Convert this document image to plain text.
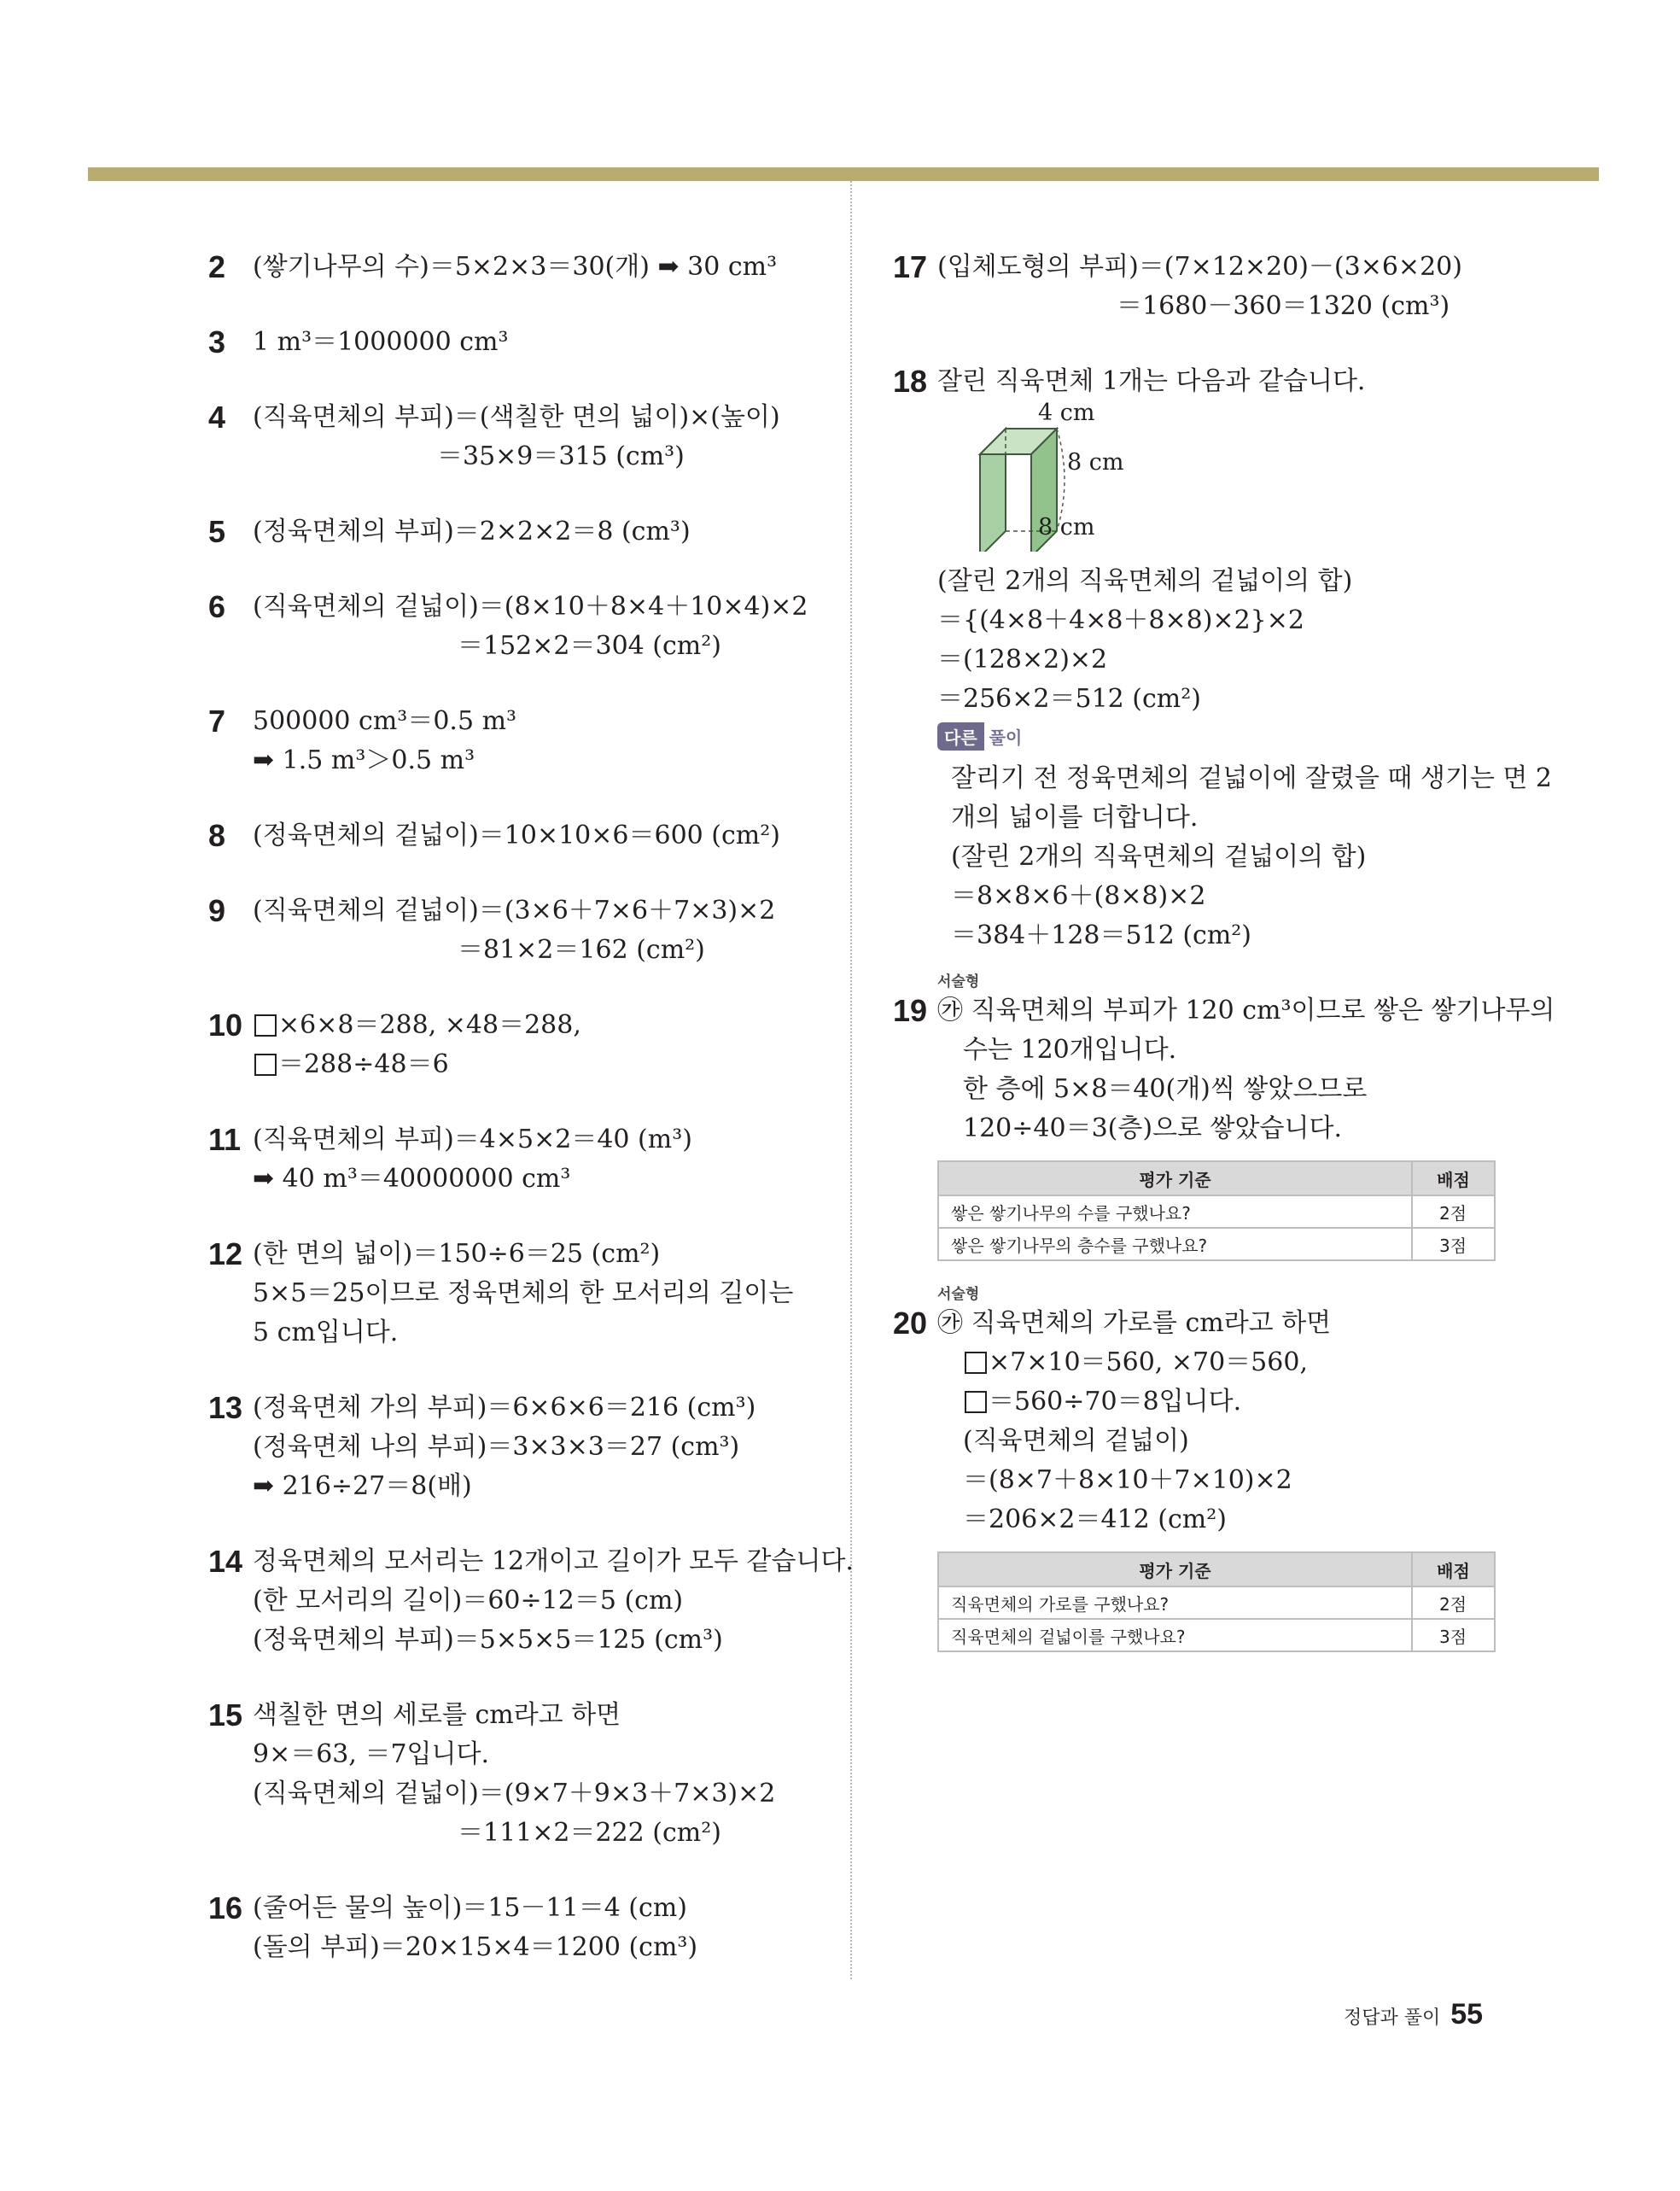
2 (쌓기나무의 수)＝5×2×3＝30(개) ➡ 30 cm³
3 1 m³＝1000000 cm³
4 (직육면체의 부피)＝(색칠한 면의 넓이)×(높이)
＝35×9＝315 (cm³)
5 (정육면체의 부피)＝2×2×2＝8 (cm³)
6 (직육면체의 겉넓이)＝(8×10＋8×4＋10×4)×2
＝152×2＝304 (cm²)
7 500000 cm³＝0.5 m³
➡ 1.5 m³＞0.5 m³
8 (정육면체의 겉넓이)＝10×10×6＝600 (cm²)
9 (직육면체의 겉넓이)＝(3×6＋7×6＋7×3)×2
＝81×2＝162 (cm²)
10	×6×8＝288, ×48＝288,
＝288÷48＝6
11 (직육면체의 부피)＝4×5×2＝40 (m³)
➡ 40 m³＝40000000 cm³
12 (한 면의 넓이)＝150÷6＝25 (cm²)
5×5＝25이므로 정육면체의 한 모서리의 길이는
5 cm입니다.
13 (정육면체 가의 부피)＝6×6×6＝216 (cm³)
(정육면체 나의 부피)＝3×3×3＝27 (cm³)
➡ 216÷27＝8(배)
14 정육면체의 모서리는 12개이고 길이가 모두 같습니다.
(한 모서리의 길이)＝60÷12＝5 (cm)
(정육면체의 부피)＝5×5×5＝125 (cm³)
15 색칠한 면의 세로를 cm라고 하면
9×＝63, ＝7입니다.
(직육면체의 겉넓이)＝(9×7＋9×3＋7×3)×2
＝111×2＝222 (cm²)
16 (줄어든 물의 높이)＝15－11＝4 (cm)
(돌의 부피)＝20×15×4＝1200 (cm³)
17 (입체도형의 부피)＝(7×12×20)－(3×6×20)
＝1680－360＝1320 (cm³)
18 잘린 직육면체 1개는 다음과 같습니다.
4 cm
8 cm
8 cm
(잘린 2개의 직육면체의 겉넓이의 합)
＝{(4×8＋4×8＋8×8)×2}×2
＝(128×2)×2
＝256×2＝512 (cm²)
다른 풀이
잘리기 전 정육면체의 겉넓이에 잘렸을 때 생기는 면 2
개의 넓이를 더합니다.
(잘린 2개의 직육면체의 겉넓이의 합)
＝8×8×6＋(8×8)×2
＝384＋128＝512 (cm²)
서술형
19 ㉮ 직육면체의 부피가 120 cm³이므로 쌓은 쌓기나무의
수는 120개입니다.
한 층에 5×8＝40(개)씩 쌓았으므로
120÷40＝3(층)으로 쌓았습니다.
평가 기준	배점
쌓은 쌓기나무의 수를 구했나요?	2점
쌓은 쌓기나무의 층수를 구했나요?	3점
서술형
20 ㉮ 직육면체의 가로를 cm라고 하면
×7×10＝560, ×70＝560,
＝560÷70＝8입니다.
(직육면체의 겉넓이)
＝(8×7＋8×10＋7×10)×2
＝206×2＝412 (cm²)
평가 기준	배점
직육면체의 가로를 구했나요?	2점
직육면체의 겉넓이를 구했나요?	3점
정답과 풀이 55
